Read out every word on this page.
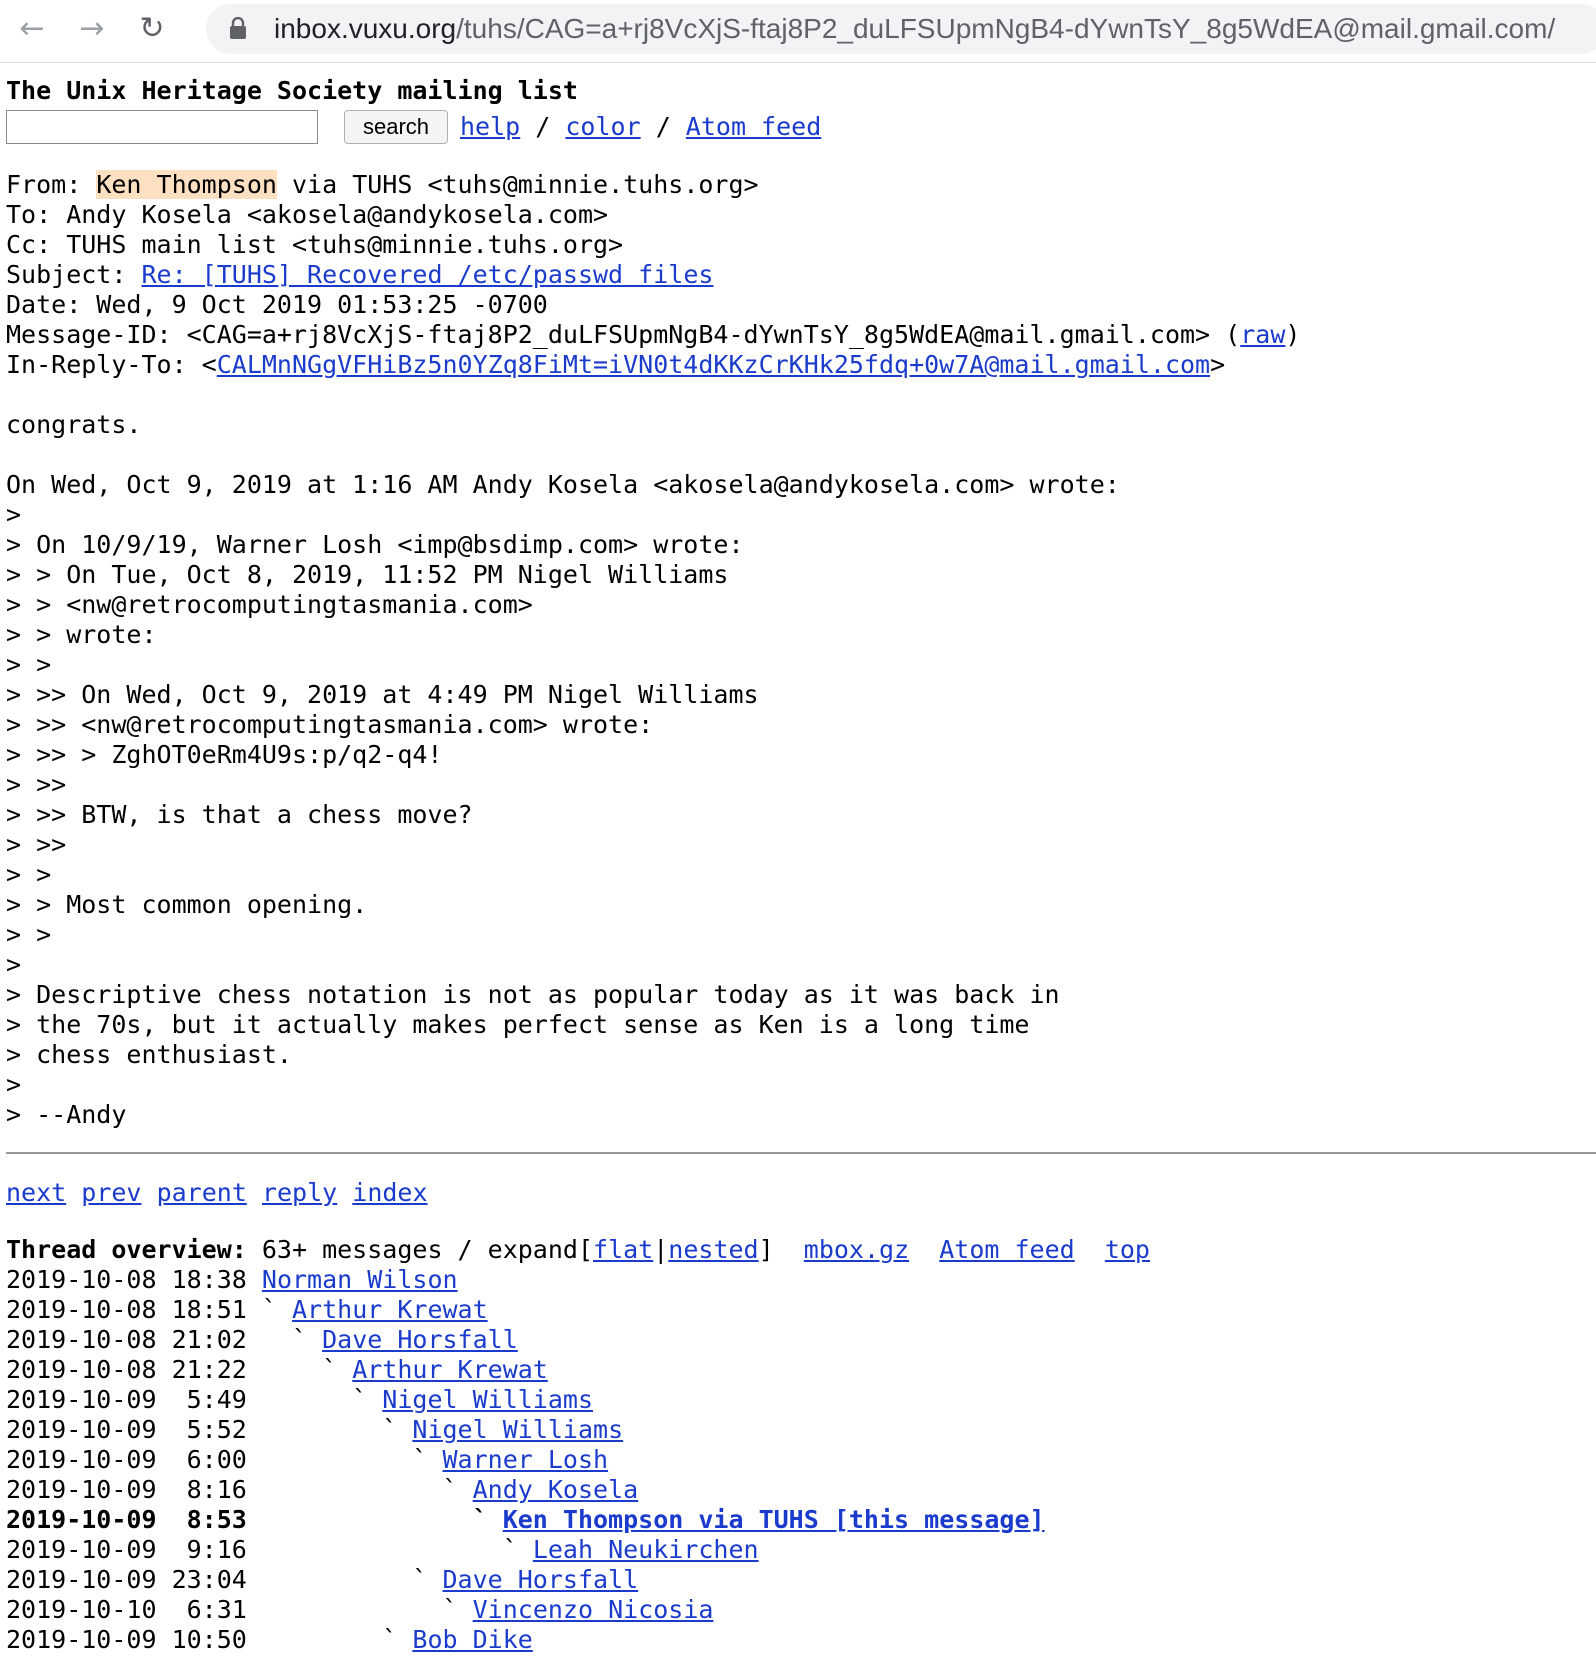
← → ↻	inbox.vuxu.org/tuhs/CAG=a+rj8VcXjS-ftaj8P2_duLFSUpmNgB4-dYwnTsY_8g5WdEA@mail.gmail.com/
The Unix Heritage Society mailing list
search	help / color / Atom feed
From: Ken Thompson via TUHS <tuhs@minnie.tuhs.org>
To: Andy Kosela <akosela@andykosela.com>
Cc: TUHS main list <tuhs@minnie.tuhs.org>
Subject: Re: [TUHS] Recovered /etc/passwd files
Date: Wed, 9 Oct 2019 01:53:25 -0700
Message-ID: <CAG=a+rj8VcXjS-ftaj8P2_duLFSUpmNgB4-dYwnTsY_8g5WdEA@mail.gmail.com> (raw)
In-Reply-To: <CALMnNGgVFHiBz5n0YZq8FiMt=iVN0t4dKKzCrKHk25fdq+0w7A@mail.gmail.com>
congrats.
On Wed, Oct 9, 2019 at 1:16 AM Andy Kosela <akosela@andykosela.com> wrote:
>
> On 10/9/19, Warner Losh <imp@bsdimp.com> wrote:
> > On Tue, Oct 8, 2019, 11:52 PM Nigel Williams
> > <nw@retrocomputingtasmania.com>
> > wrote:
> >
> >> On Wed, Oct 9, 2019 at 4:49 PM Nigel Williams
> >> <nw@retrocomputingtasmania.com> wrote:
> >> > ZghOT0eRm4U9s:p/q2-q4!
> >>
> >> BTW, is that a chess move?
> >>
> >
> > Most common opening.
> >
>
> Descriptive chess notation is not as popular today as it was back in
> the 70s, but it actually makes perfect sense as Ken is a long time
> chess enthusiast.
>
> --Andy
next prev parent reply index
Thread overview: 63+ messages / expand[flat|nested] mbox.gz Atom feed top
2019-10-08 18:38 Norman Wilson
2019-10-08 18:51 ` Arthur Krewat
2019-10-08 21:02   ` Dave Horsfall
2019-10-08 21:22     ` Arthur Krewat
2019-10-09  5:49       ` Nigel Williams
2019-10-09  5:52         ` Nigel Williams
2019-10-09  6:00           ` Warner Losh
2019-10-09  8:16             ` Andy Kosela
2019-10-09  8:53               ` Ken Thompson via TUHS [this message]
2019-10-09  9:16                 ` Leah Neukirchen
2019-10-09 23:04           ` Dave Horsfall
2019-10-10  6:31             ` Vincenzo Nicosia
2019-10-09 10:50         ` Bob Dike
